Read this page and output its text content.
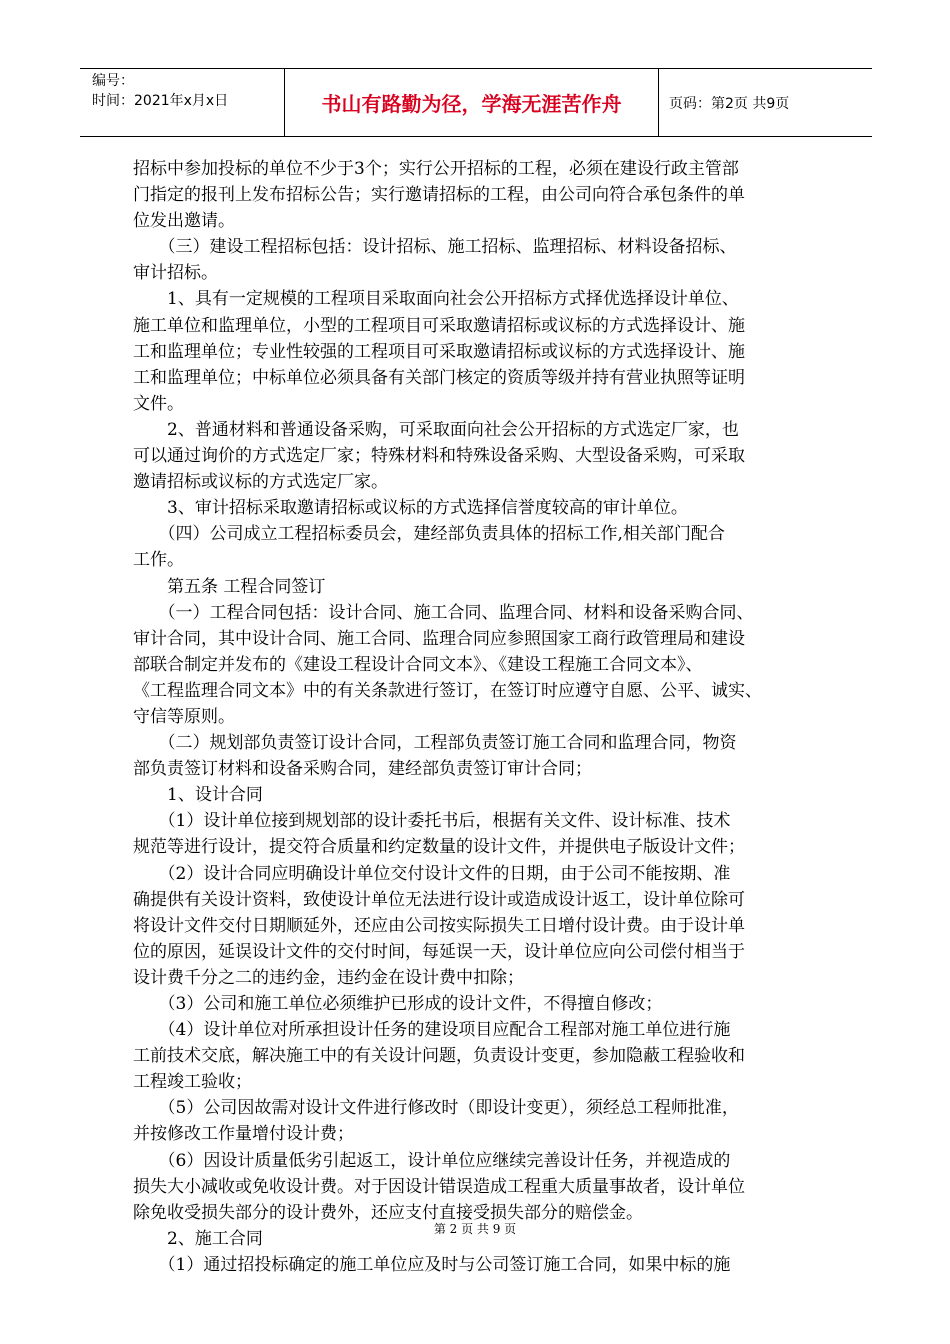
编号：
时间：2021年x月x日	书山有路勤为径，学海无涯苦作舟	页码：第2页 共9页

招标中参加投标的单位不少于3个；实行公开招标的工程，必须在建设行政主管部

门指定的报刊上发布招标公告；实行邀请招标的工程，由公司向符合承包条件的单

位发出邀请。

　　（三）建设工程招标包括：设计招标、施工招标、监理招标、材料设备招标、

审计招标。

　　1、具有一定规模的工程项目采取面向社会公开招标方式择优选择设计单位、

施工单位和监理单位，小型的工程项目可采取邀请招标或议标的方式选择设计、施

工和监理单位；专业性较强的工程项目可采取邀请招标或议标的方式选择设计、施

工和监理单位；中标单位必须具备有关部门核定的资质等级并持有营业执照等证明

文件。

　　2、普通材料和普通设备采购，可采取面向社会公开招标的方式选定厂家，也

可以通过询价的方式选定厂家；特殊材料和特殊设备采购、大型设备采购，可采取

邀请招标或议标的方式选定厂家。

　　3、审计招标采取邀请招标或议标的方式选择信誉度较高的审计单位。

　　（四）公司成立工程招标委员会，建经部负责具体的招标工作,相关部门配合

工作。

　　第五条 工程合同签订

　　（一）工程合同包括：设计合同、施工合同、监理合同、材料和设备采购合同、

审计合同，其中设计合同、施工合同、监理合同应参照国家工商行政管理局和建设

部联合制定并发布的《建设工程设计合同文本》、《建设工程施工合同文本》、

《工程监理合同文本》中的有关条款进行签订，在签订时应遵守自愿、公平、诚实、

守信等原则。

　　（二）规划部负责签订设计合同，工程部负责签订施工合同和监理合同，物资

部负责签订材料和设备采购合同，建经部负责签订审计合同；

　　1、设计合同

　　（1）设计单位接到规划部的设计委托书后，根据有关文件、设计标准、技术

规范等进行设计，提交符合质量和约定数量的设计文件，并提供电子版设计文件；

　　（2）设计合同应明确设计单位交付设计文件的日期，由于公司不能按期、准

确提供有关设计资料，致使设计单位无法进行设计或造成设计返工，设计单位除可

将设计文件交付日期顺延外，还应由公司按实际损失工日增付设计费。由于设计单

位的原因，延误设计文件的交付时间，每延误一天，设计单位应向公司偿付相当于

设计费千分之二的违约金，违约金在设计费中扣除；

　　（3）公司和施工单位必须维护已形成的设计文件，不得擅自修改；

　　（4）设计单位对所承担设计任务的建设项目应配合工程部对施工单位进行施

工前技术交底，解决施工中的有关设计问题，负责设计变更，参加隐蔽工程验收和

工程竣工验收；

　　（5）公司因故需对设计文件进行修改时（即设计变更），须经总工程师批准，

并按修改工作量增付设计费；

　　（6）因设计质量低劣引起返工，设计单位应继续完善设计任务，并视造成的

损失大小减收或免收设计费。对于因设计错误造成工程重大质量事故者，设计单位

除免收受损失部分的设计费外，还应支付直接受损失部分的赔偿金。

　　2、施工合同

　　（1）通过招投标确定的施工单位应及时与公司签订施工合同，如果中标的施

第 2 页 共 9 页
